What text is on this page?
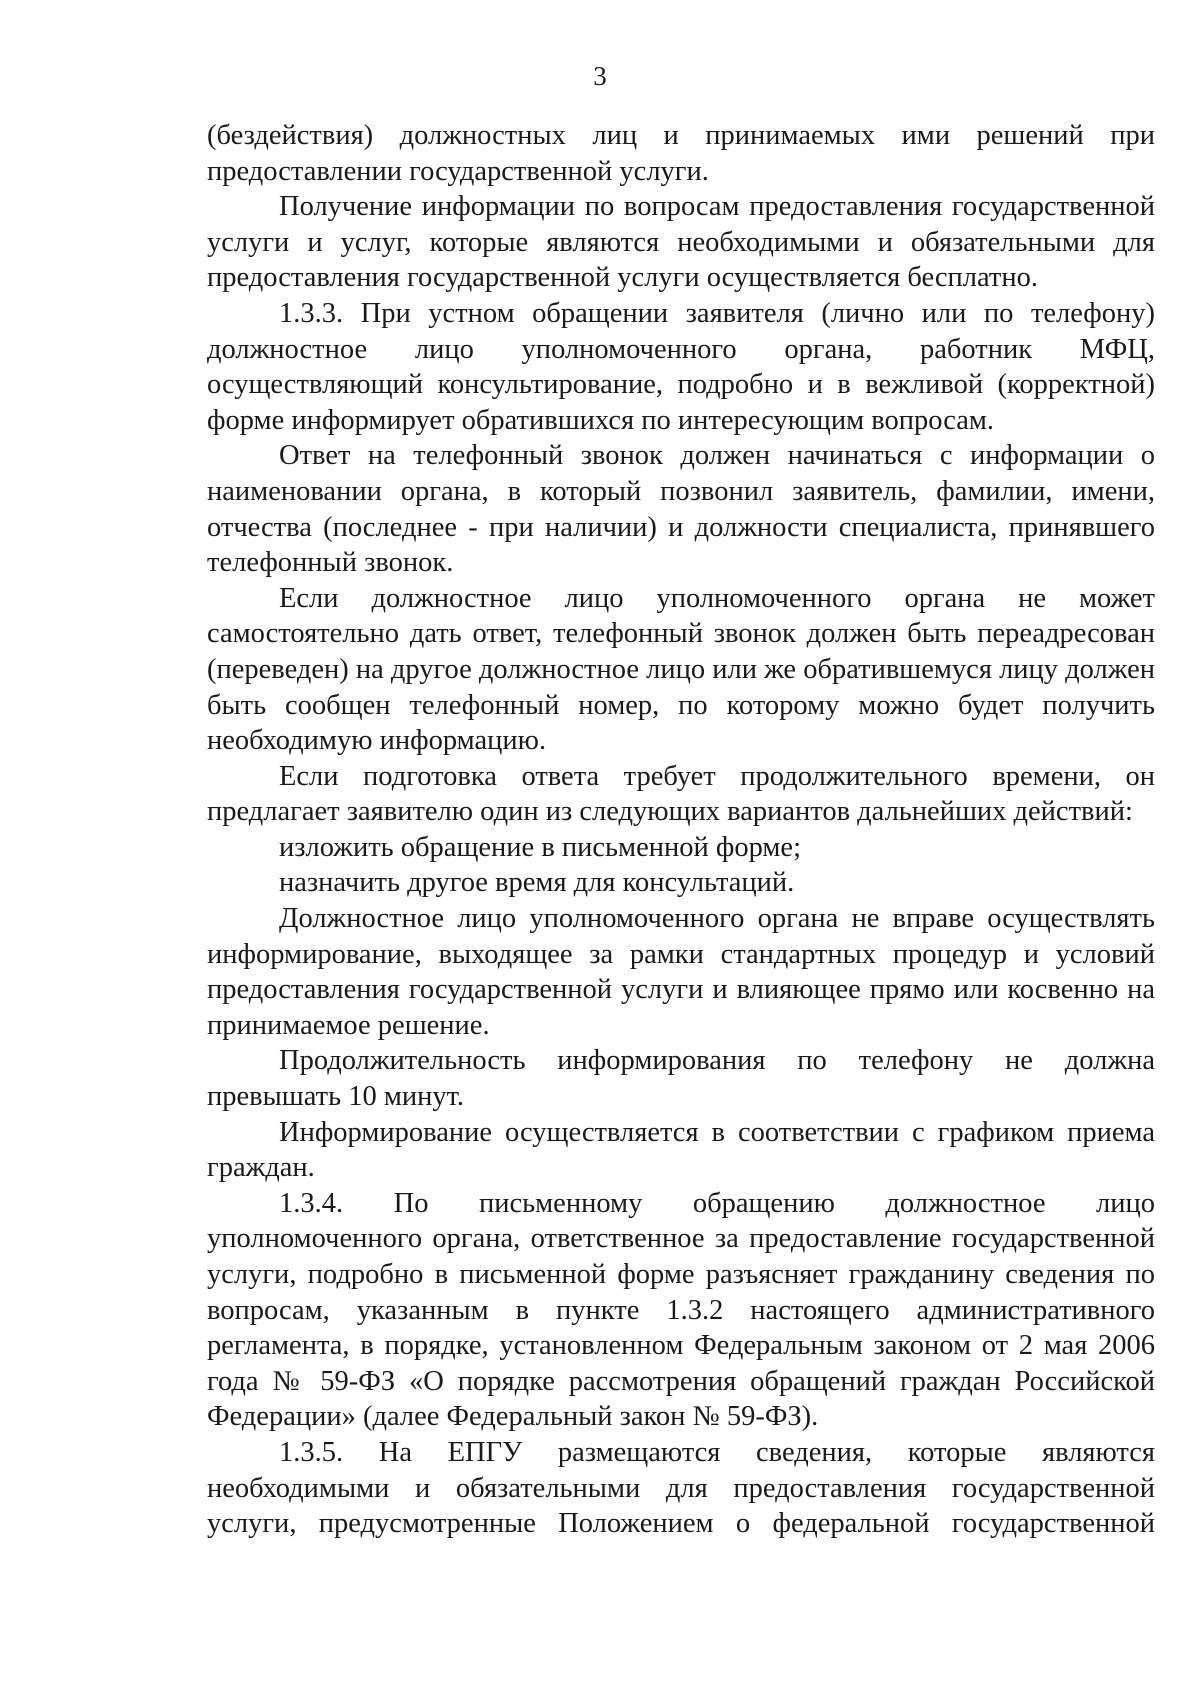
3

(бездействия) должностных лиц и принимаемых ими решений при предоставлении государственной услуги.

Получение информации по вопросам предоставления государственной услуги и услуг, которые являются необходимыми и обязательными для предоставления государственной услуги осуществляется бесплатно.

1.3.3. При устном обращении заявителя (лично или по телефону) должностное лицо уполномоченного органа, работник МФЦ, осуществляющий консультирование, подробно и в вежливой (корректной) форме информирует обратившихся по интересующим вопросам.

Ответ на телефонный звонок должен начинаться с информации о наименовании органа, в который позвонил заявитель, фамилии, имени, отчества (последнее - при наличии) и должности специалиста, принявшего телефонный звонок.

Если должностное лицо уполномоченного органа не может самостоятельно дать ответ, телефонный звонок должен быть переадресован (переведен) на другое должностное лицо или же обратившемуся лицу должен быть сообщен телефонный номер, по которому можно будет получить необходимую информацию.

Если подготовка ответа требует продолжительного времени, он предлагает заявителю один из следующих вариантов дальнейших действий:

изложить обращение в письменной форме;

назначить другое время для консультаций.

Должностное лицо уполномоченного органа не вправе осуществлять информирование, выходящее за рамки стандартных процедур и условий предоставления государственной услуги и влияющее прямо или косвенно на принимаемое решение.

Продолжительность информирования по телефону не должна превышать 10 минут.

Информирование осуществляется в соответствии с графиком приема граждан.

1.3.4. По письменному обращению должностное лицо уполномоченного органа, ответственное за предоставление государственной услуги, подробно в письменной форме разъясняет гражданину сведения по вопросам, указанным в пункте 1.3.2 настоящего административного регламента, в порядке, установленном Федеральным законом от 2 мая 2006 года № 59-ФЗ «О порядке рассмотрения обращений граждан Российской Федерации» (далее Федеральный закон № 59-ФЗ).

1.3.5. На ЕПГУ размещаются сведения, которые являются необходимыми и обязательными для предоставления государственной услуги, предусмотренные Положением о федеральной государственной
